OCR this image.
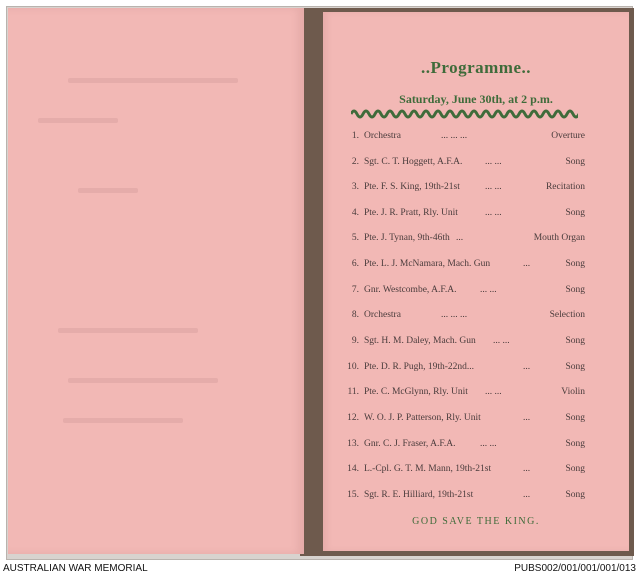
..Programme..
Saturday, June 30th, at 2 p.m.
1. Orchestra	... ... ...	Overture
2. Sgt. C. T. Hoggett, A.F.A. ... ...	Song
3. Pte. F. S. King, 19th-21st	... ...	Recitation
4. Pte. J. R. Pratt, Rly. Unit	... ...	Song
5. Pte. J. Tynan, 9th-46th ...	Mouth Organ
6. Pte. L. J. McNamara, Mach. Gun	...	Song
7. Gnr. Westcombe, A.F.A. ... ...	Song
8. Orchestra	... ... ...	Selection
9. Sgt. H. M. Daley, Mach. Gun ... ...	Song
10. Pte. D. R. Pugh, 19th-22nd...	...	Song
11. Pte. C. McGlynn, Rly. Unit ... ...	Violin
12. W. O. J. P. Patterson, Rly. Unit	...	Song
13. Gnr. C. J. Fraser, A.F.A.	... ...	Song
14. L.-Cpl. G. T. M. Mann, 19th-21st	...	Song
15. Sgt. R. E. Hilliard, 19th-21st	...	Song
GOD SAVE THE KING.
AUSTRALIAN WAR MEMORIAL	PUBS002/001/001/001/013
